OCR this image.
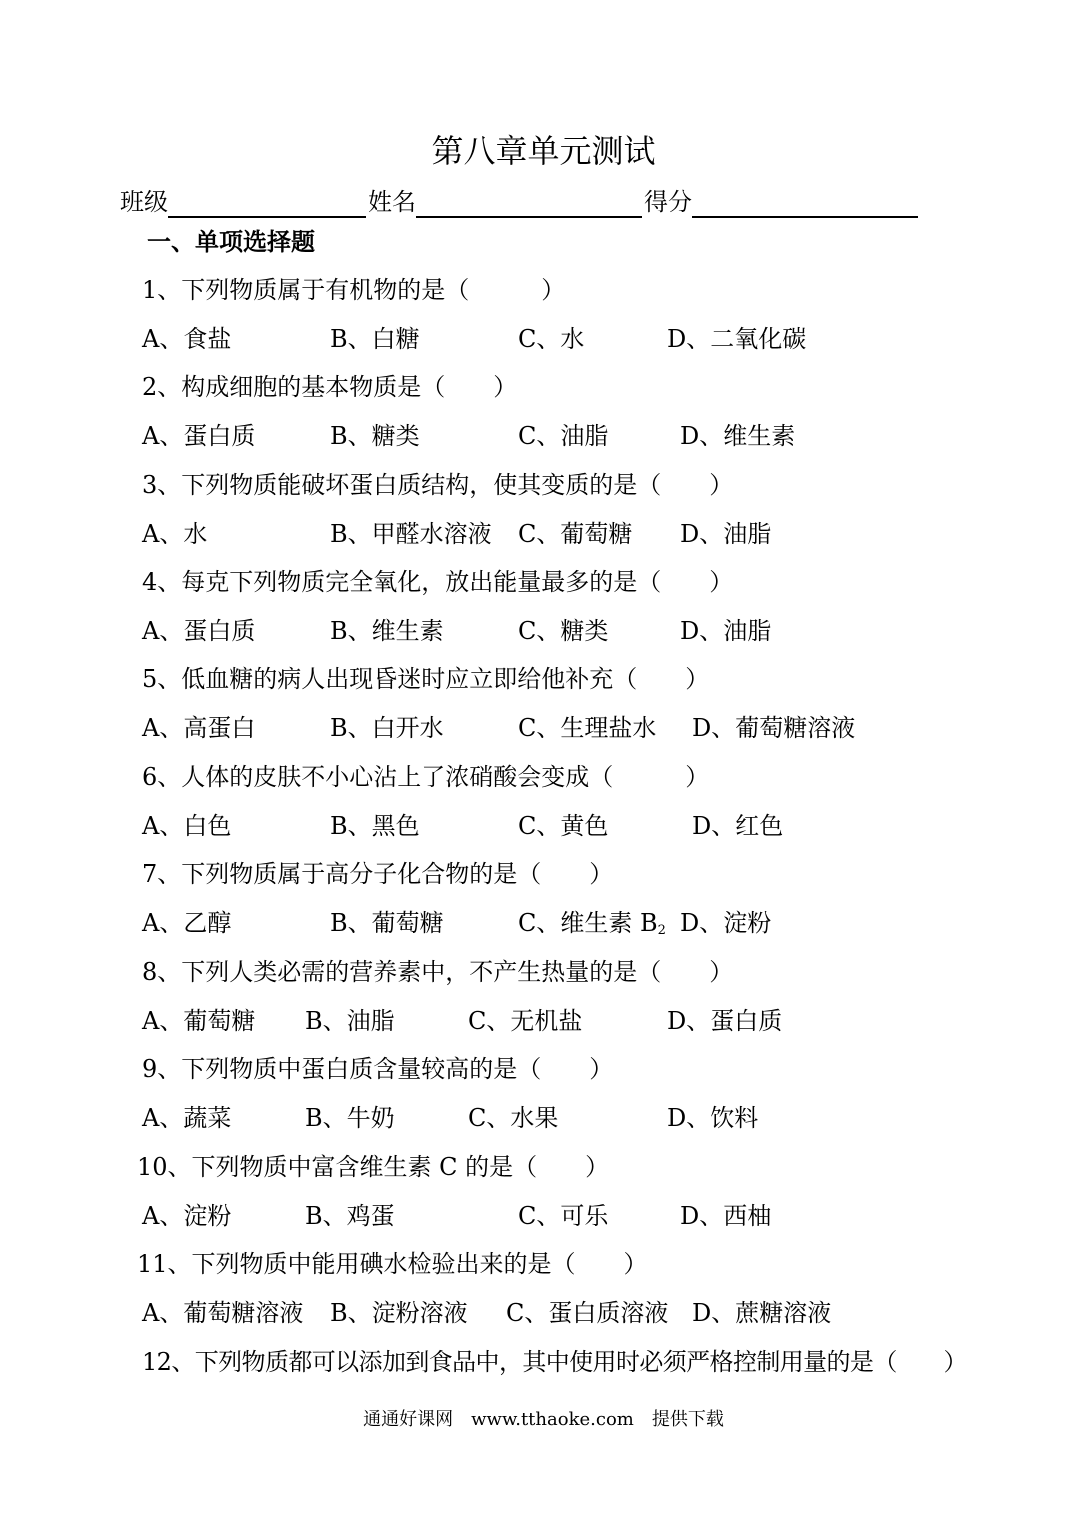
第八章单元测试
班级	姓名	得分
一、单项选择题
1、下列物质属于有机物的是（　　　）
A、食盐	B、白糖	C、水	D、二氧化碳
2、构成细胞的基本物质是（　　）
A、蛋白质	B、糖类	C、油脂	D、维生素
3、下列物质能破坏蛋白质结构，使其变质的是（　　）
A、水	B、甲醛水溶液 C、葡萄糖 D、油脂
4、每克下列物质完全氧化，放出能量最多的是（　　）
A、蛋白质	B、维生素	C、糖类	D、油脂
5、低血糖的病人出现昏迷时应立即给他补充（　　）
A、高蛋白	B、白开水	C、生理盐水 D、葡萄糖溶液
6、人体的皮肤不小心沾上了浓硝酸会变成（　　　）
A、白色	B、黑色	C、黄色	D、红色
7、下列物质属于高分子化合物的是（　　）
A、乙醇	B、葡萄糖	C、维生素 $B_2$ D、淀粉
8、下列人类必需的营养素中，不产生热量的是（　　）
A、葡萄糖 B、油脂	C、无机盐	D、蛋白质
9、下列物质中蛋白质含量较高的是（　　）
A、蔬菜	B、牛奶	C、水果	D、饮料
10、下列物质中富含维生素 C 的是（　　）
A、淀粉	B、鸡蛋	C、可乐	D、西柚
11、下列物质中能用碘水检验出来的是（　　）
A、葡萄糖溶液 B、淀粉溶液 C、蛋白质溶液 D、蔗糖溶液
12、下列物质都可以添加到食品中，其中使用时必须严格控制用量的是（　　）
通通好课网　www.tthaoke.com　提供下载
